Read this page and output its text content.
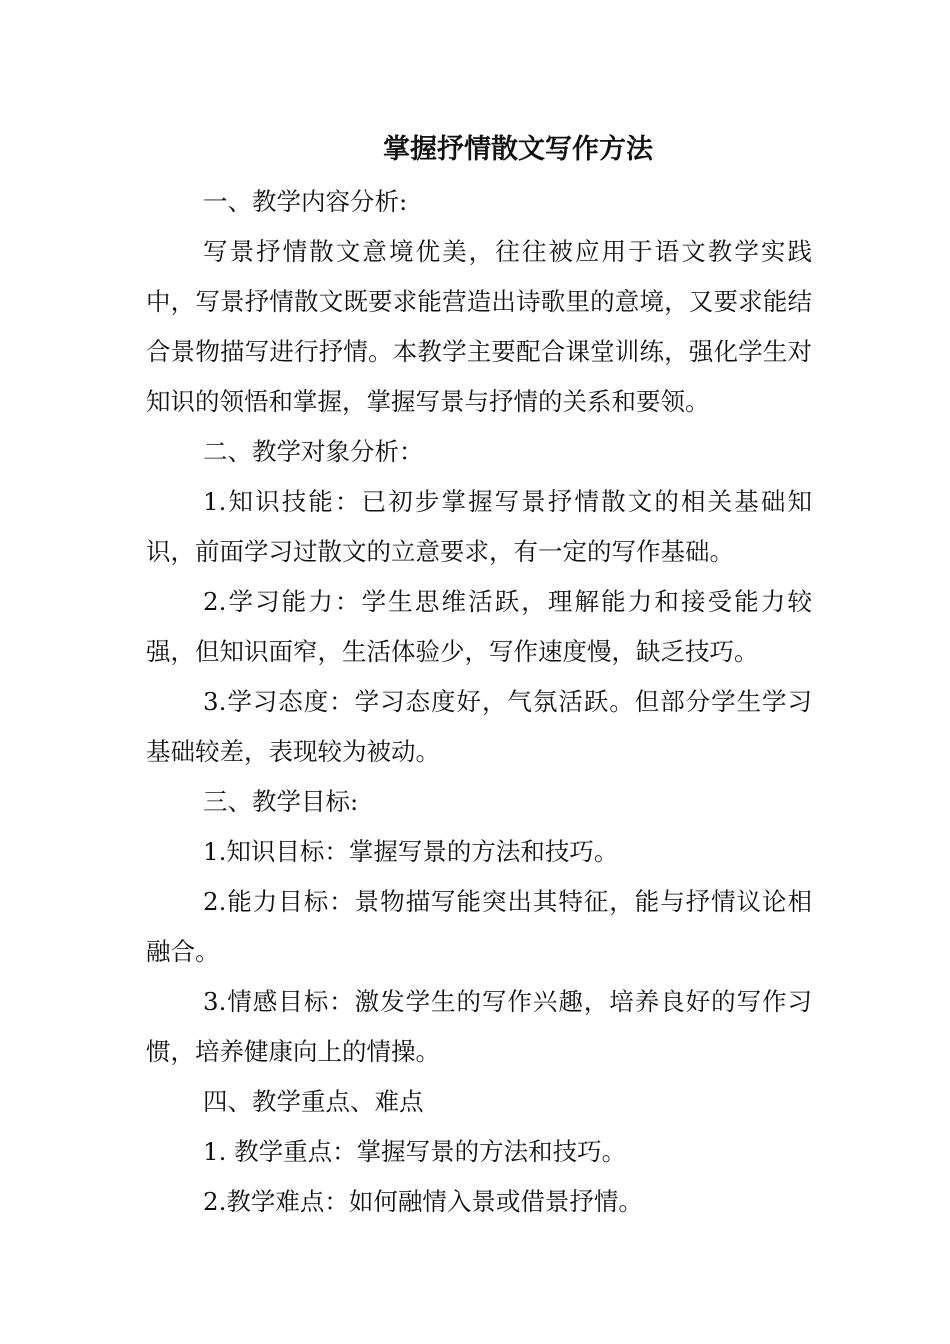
掌握抒情散文写作方法

一、教学内容分析:

写景抒情散文意境优美，往往被应用于语文教学实践中，写景抒情散文既要求能营造出诗歌里的意境，又要求能结合景物描写进行抒情。本教学主要配合课堂训练，强化学生对知识的领悟和掌握，掌握写景与抒情的关系和要领。

二、教学对象分析：

1.知识技能：已初步掌握写景抒情散文的相关基础知识，前面学习过散文的立意要求，有一定的写作基础。

2.学习能力：学生思维活跃，理解能力和接受能力较强，但知识面窄，生活体验少，写作速度慢，缺乏技巧。

3.学习态度：学习态度好，气氛活跃。但部分学生学习基础较差，表现较为被动。

三、教学目标:

1.知识目标：掌握写景的方法和技巧。

2.能力目标：景物描写能突出其特征，能与抒情议论相融合。

3.情感目标：激发学生的写作兴趣，培养良好的写作习惯，培养健康向上的情操。

四、教学重点、难点

1. 教学重点：掌握写景的方法和技巧。

2.教学难点：如何融情入景或借景抒情。
